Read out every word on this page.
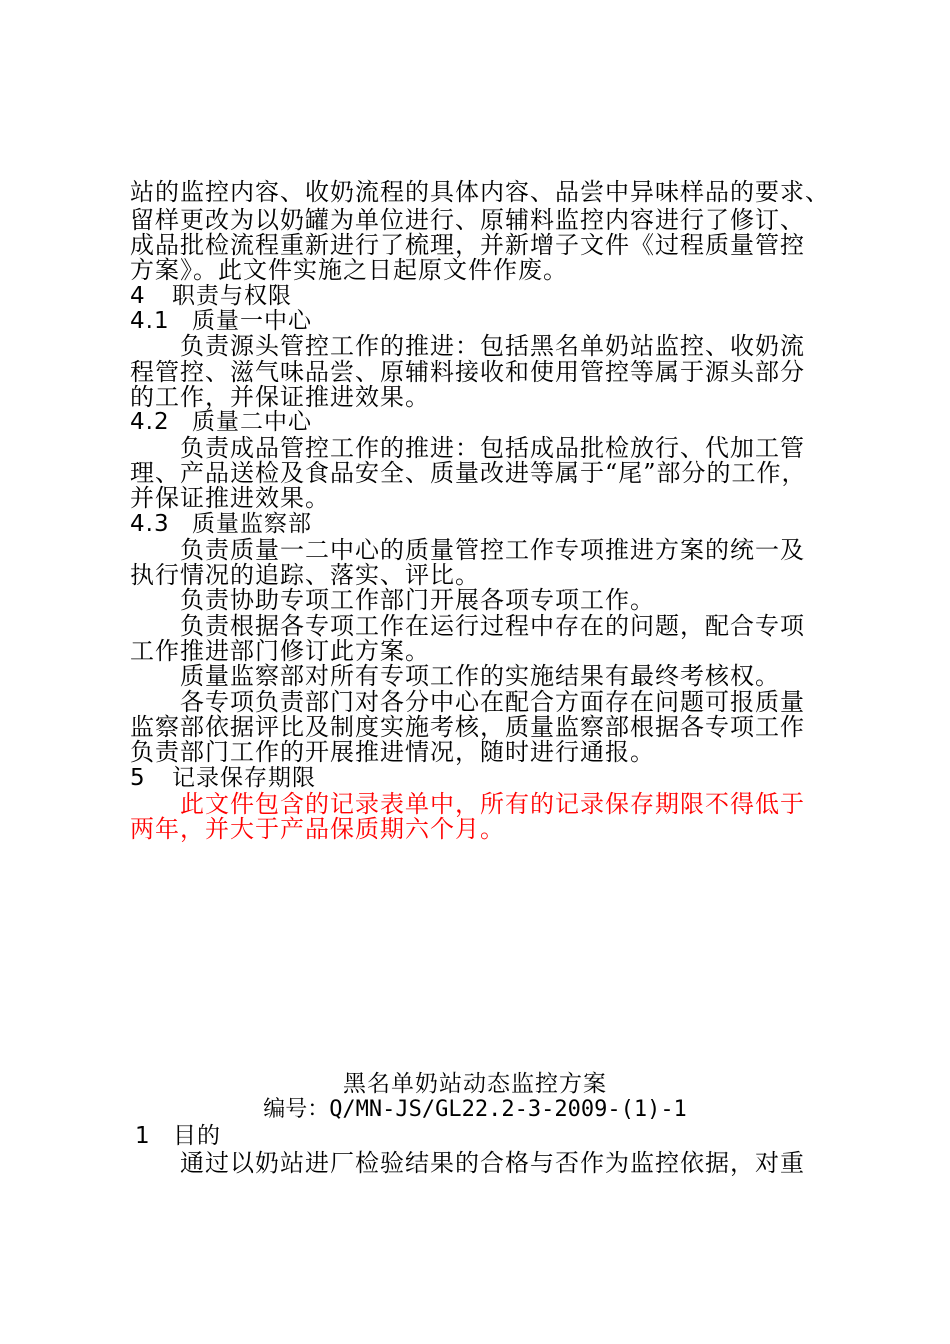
站的监控内容、收奶流程的具体内容、品尝中异味样品的要求、
留样更改为以奶罐为单位进行、原辅料监控内容进行了修订、
成品批检流程重新进行了梳理，并新增子文件《过程质量管控
方案》。此文件实施之日起原文件作废。
4 职责与权限
4.1 质量一中心
负责源头管控工作的推进：包括黑名单奶站监控、收奶流
程管控、滋气味品尝、原辅料接收和使用管控等属于源头部分
的工作，并保证推进效果。
4.2 质量二中心
负责成品管控工作的推进：包括成品批检放行、代加工管
理、产品送检及食品安全、质量改进等属于“尾”部分的工作，
并保证推进效果。
4.3 质量监察部
负责质量一二中心的质量管控工作专项推进方案的统一及
执行情况的追踪、落实、评比。
负责协助专项工作部门开展各项专项工作。
负责根据各专项工作在运行过程中存在的问题，配合专项
工作推进部门修订此方案。
质量监察部对所有专项工作的实施结果有最终考核权。
各专项负责部门对各分中心在配合方面存在问题可报质量
监察部依据评比及制度实施考核，质量监察部根据各专项工作
负责部门工作的开展推进情况，随时进行通报。
5 记录保存期限
此文件包含的记录表单中，所有的记录保存期限不得低于
两年，并大于产品保质期六个月。
黑名单奶站动态监控方案
编号：Q/MN-JS/GL22.2-3-2009-(1)-1
1 目的
通过以奶站进厂检验结果的合格与否作为监控依据，对重
